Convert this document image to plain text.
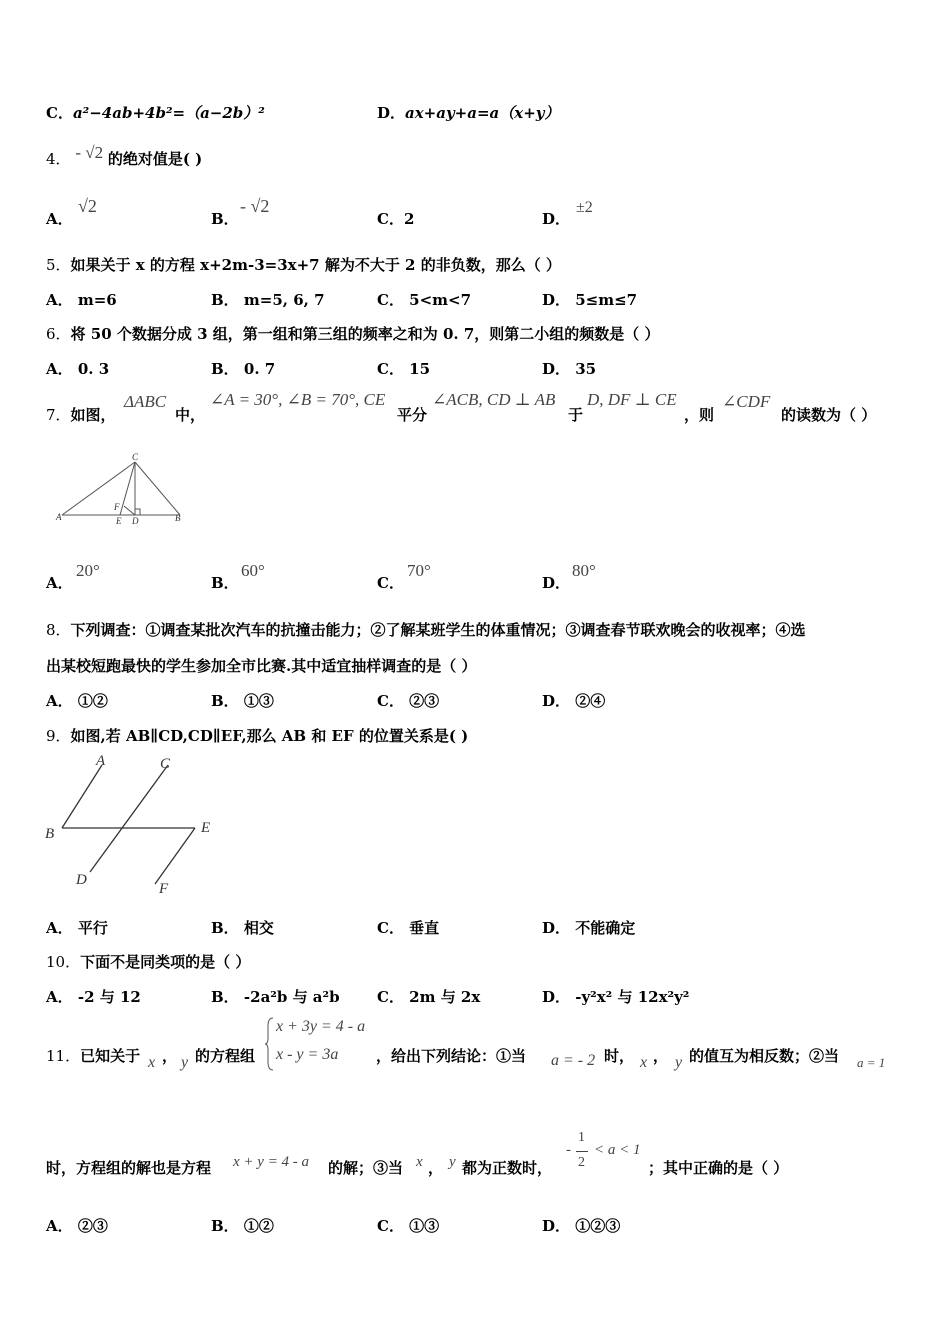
C．a²−4ab+4b²=（a−2b）²	D．ax+ay+a=a（x+y）
4． - √2 的绝对值是( )
A．
√2
B．
- √2
C．2	D．
±2
5．如果关于 x 的方程 x+2m-3=3x+7 解为不大于 2 的非负数，那么（ ）
A． m=6	B． m=5, 6, 7	C． 5<m<7	D． 5≤m≤7
6．将 50 个数据分成 3 组，第一组和第三组的频率之和为 0. 7，则第二小组的频数是（ ）
A． 0. 3	B． 0. 7	C． 15	D． 35
7．如图，
ΔABC
中，
∠A = 30°, ∠B = 70°, CE
平分
∠ACB, CD ⊥ AB
于
D, DF ⊥ CE
，则
∠CDF
的读数为（ ）
C
A	B
D
E
F
A．
20°
B．
60°
C．
70°
D．
80°
8．下列调查：①调查某批次汽车的抗撞击能力；②了解某班学生的体重情况；③调查春节联欢晚会的收视率；④选
出某校短跑最快的学生参加全市比赛.其中适宜抽样调查的是（ ）
A． ①②	B． ①③	C． ②③	D． ②④
9．如图,若 AB∥CD,CD∥EF,那么 AB 和 EF 的位置关系是( )
A	C
B	E
D
F
A． 平行	B． 相交	C． 垂直	D． 不能确定
10．下面不是同类项的是（ ）
A． -2 与 12	B． -2a²b 与 a²b C． 2m 与 2x	D． -y²x² 与 12x²y²
11．已知关于 x ， y 的方程组
x + 3y = 4 - a
x - y = 3a	，给出下列结论：①当 a = - 2 时， x ， y 的值互为相反数；②当 a = 1
时，方程组的解也是方程 x + y = 4 - a 的解；③当 x ， y 都为正数时，
-
1
2
< a < 1
；其中正确的是（ ）
A． ②③	B． ①②	C． ①③	D． ①②③
